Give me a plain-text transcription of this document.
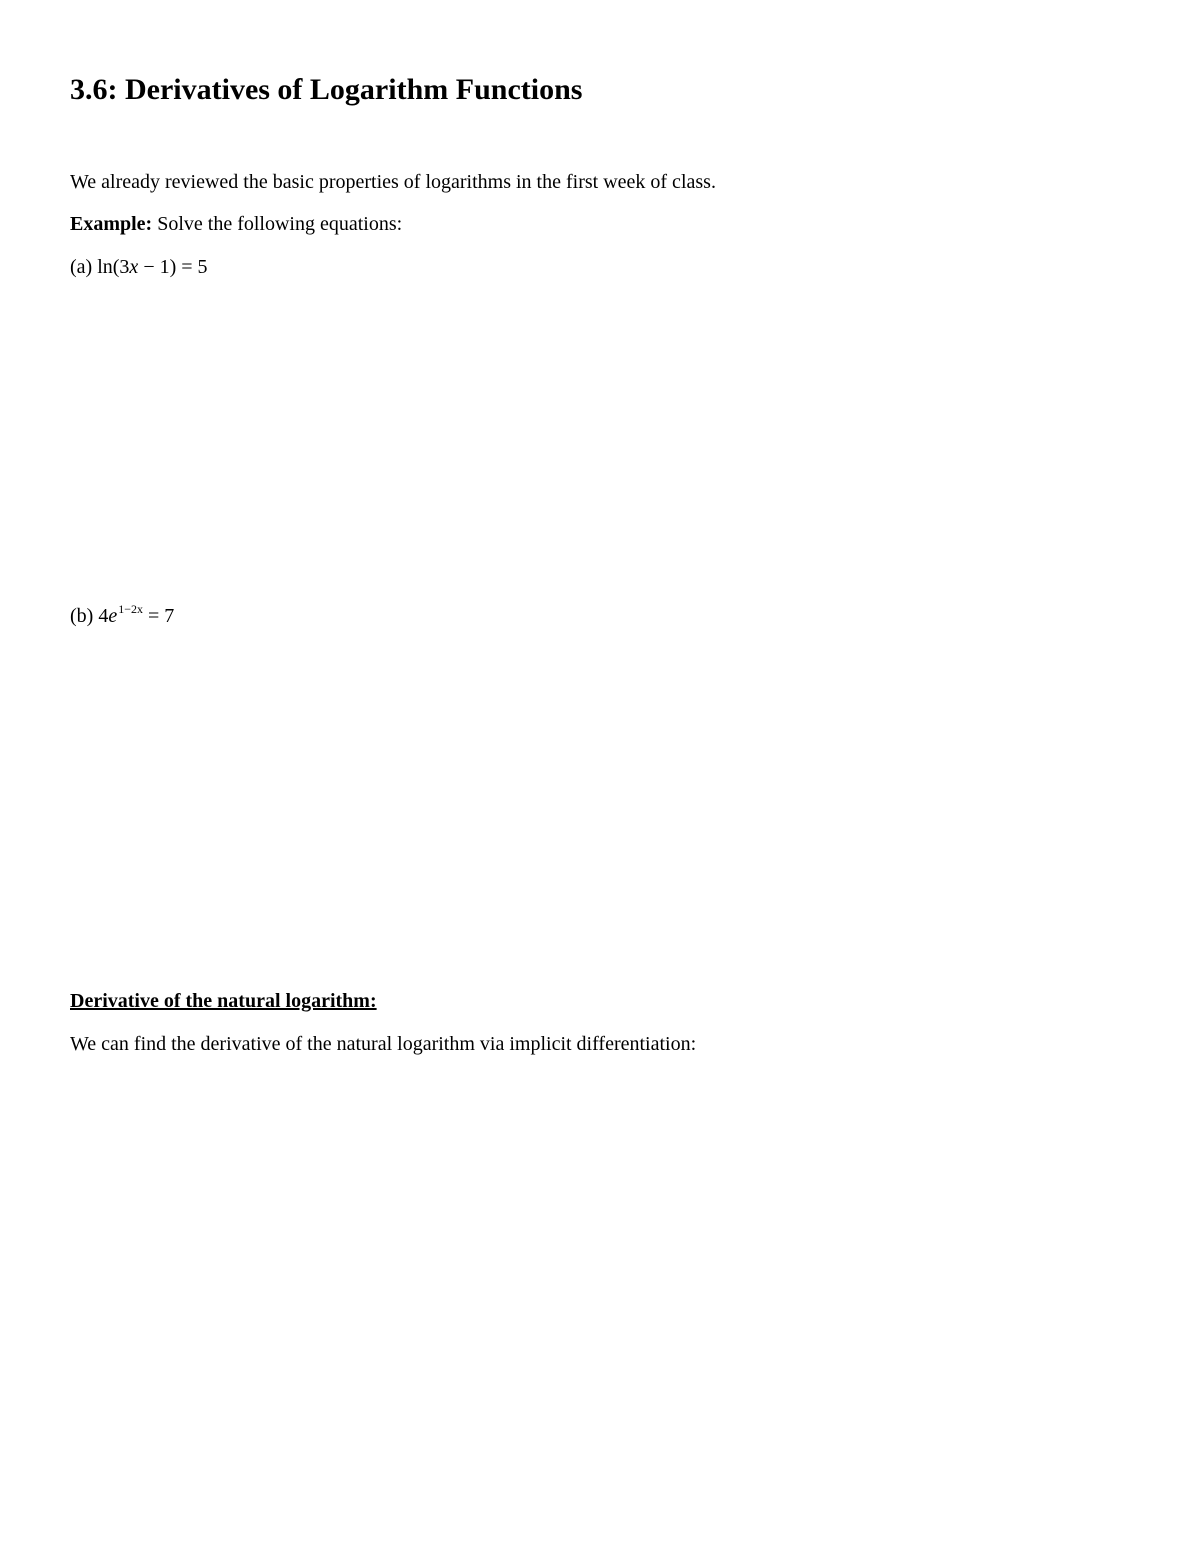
3.6: Derivatives of Logarithm Functions

We already reviewed the basic properties of logarithms in the first week of class.

Example: Solve the following equations:

(a) ln(3x − 1) = 5

(b) $4e^{1-2x} = 7$

Derivative of the natural logarithm:

We can find the derivative of the natural logarithm via implicit differentiation:
